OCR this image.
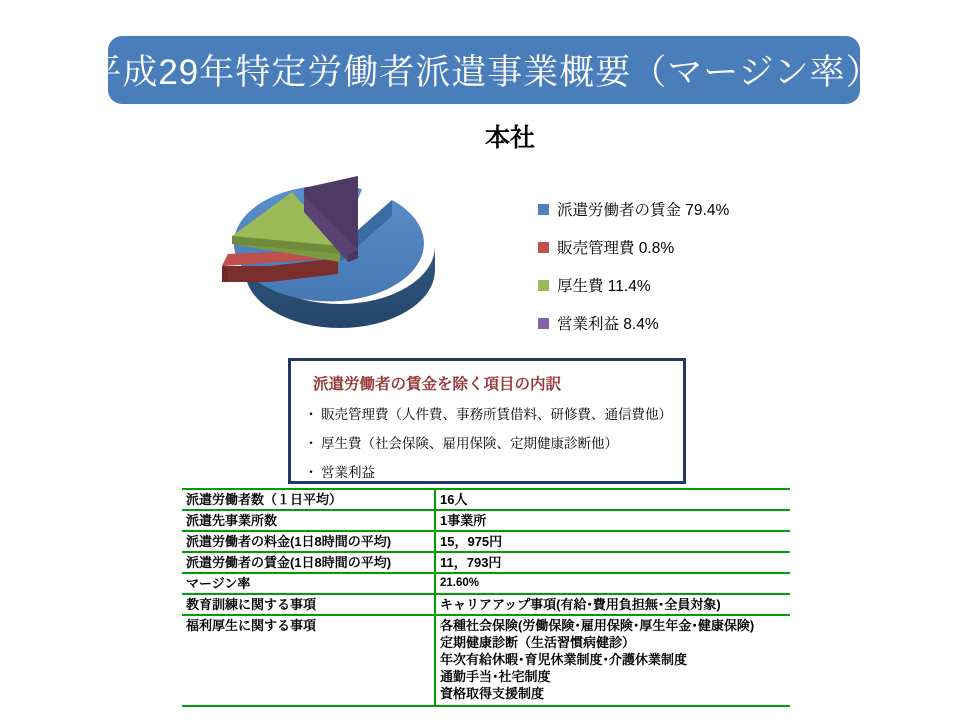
平成29年特定労働者派遣事業概要（マージン率）
本社
派遣労働者の賃金 79.4%
販売管理費 0.8%
厚生費 11.4%
営業利益 8.4%
派遣労働者の賃金を除く項目の内訳
・ 販売管理費（人件費、事務所賃借料、研修費、通信費他）
・ 厚生費（社会保険、雇用保険、定期健康診断他）
・ 営業利益
派遣労働者数（１日平均）	16人
派遣先事業所数	1事業所
派遣労働者の料金(1日8時間の平均)	15，975円
派遣労働者の賃金(1日8時間の平均)	11，793円
マージン率	21.60%
教育訓練に関する事項	キャリアアップ事項(有給･費用負担無･全員対象)
福利厚生に関する事項	各種社会保険(労働保険･雇用保険･厚生年金･健康保険)
定期健康診断（生活習慣病健診）
年次有給休暇･育児休業制度･介護休業制度
通勤手当･社宅制度
資格取得支援制度
